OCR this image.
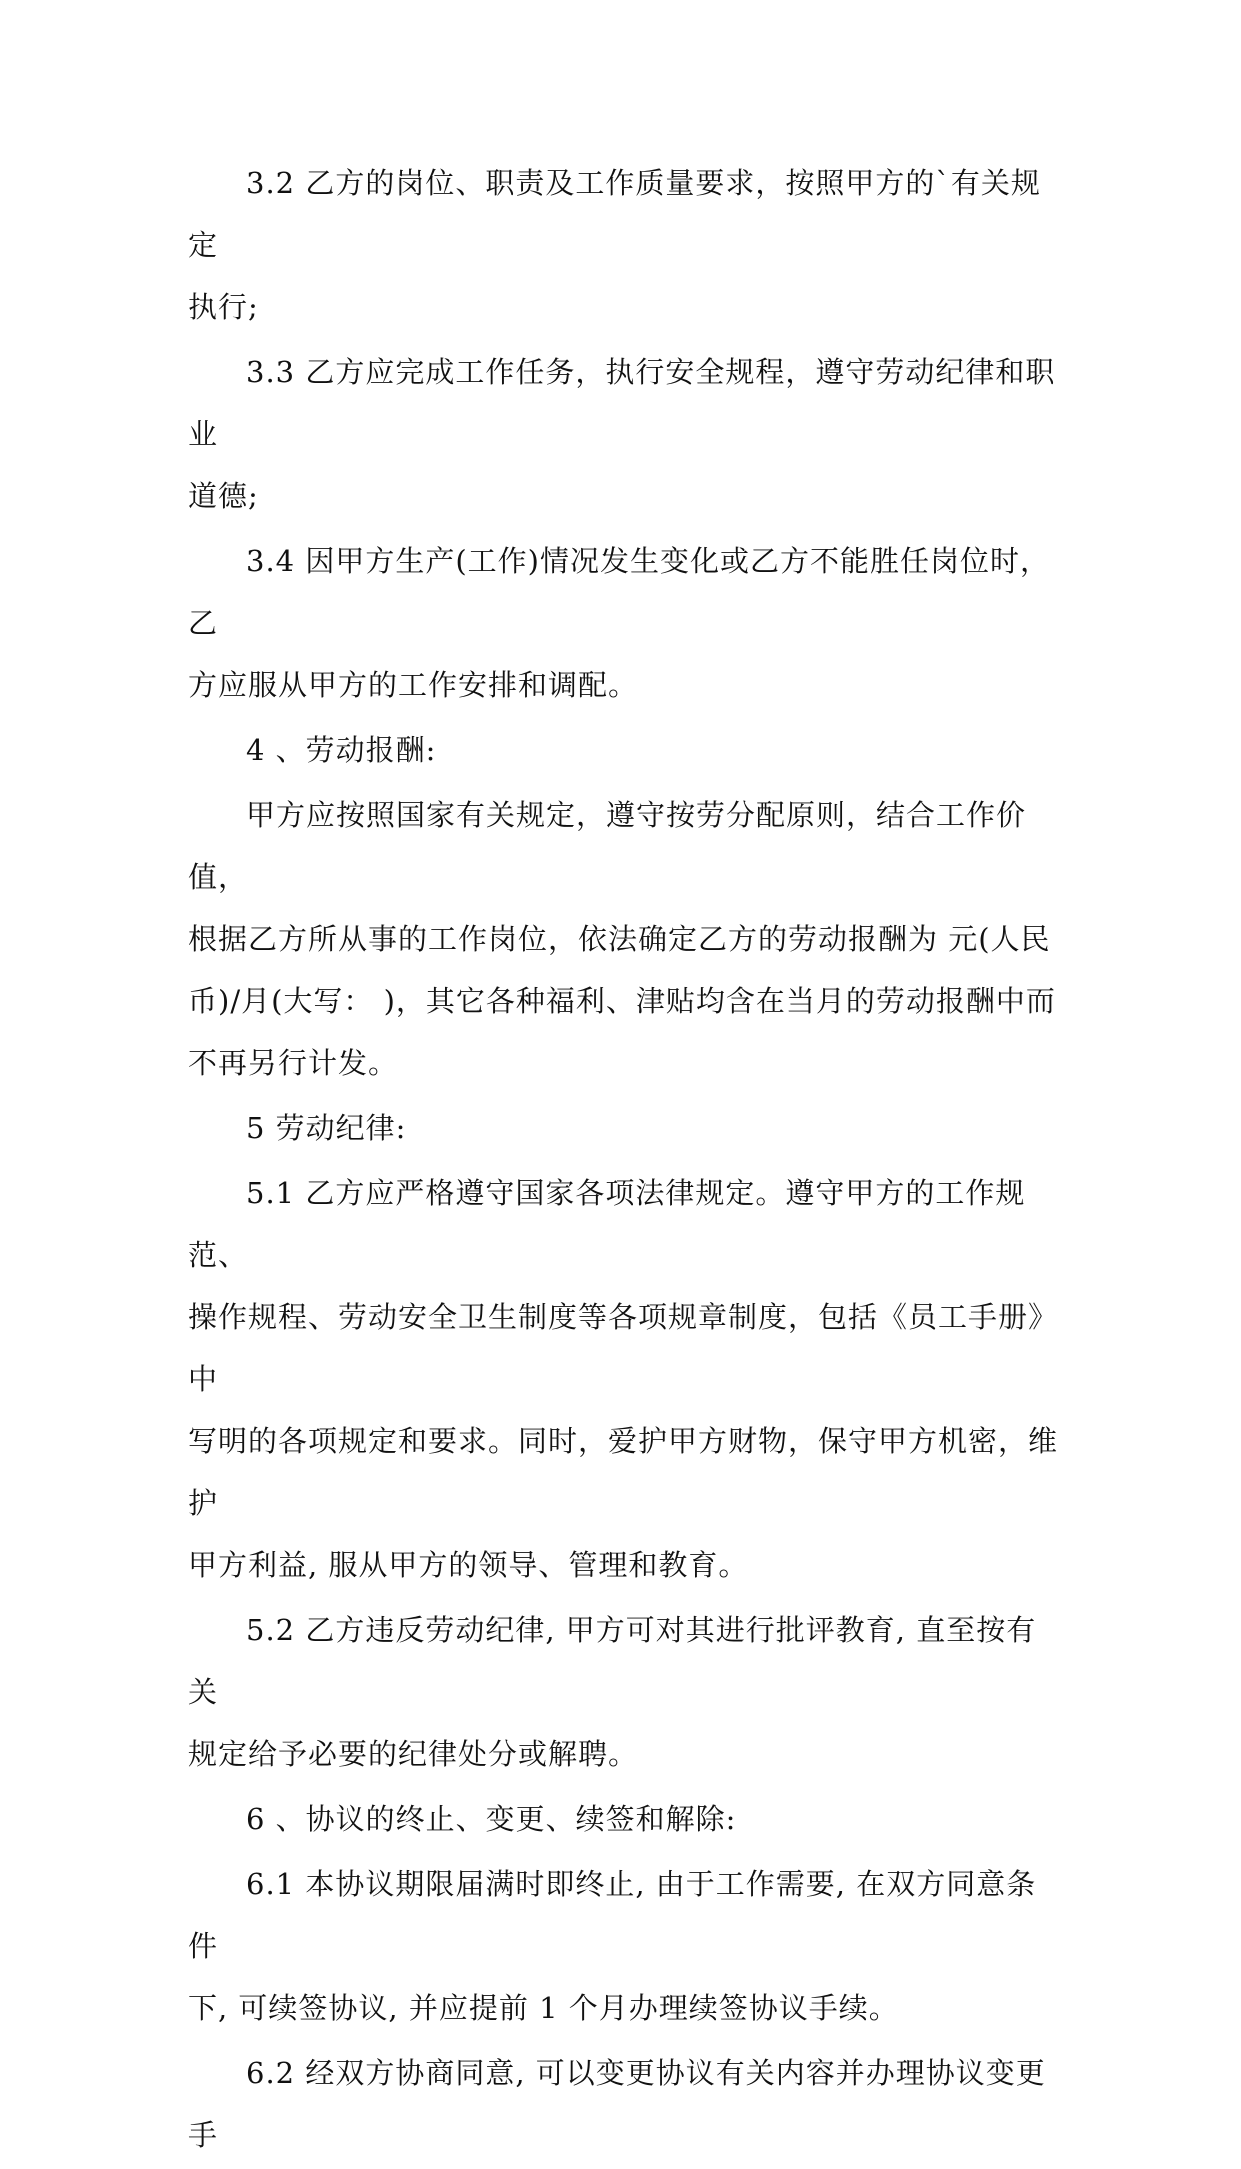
3.2 乙方的岗位、职责及工作质量要求，按照甲方的`有关规定
执行;

3.3 乙方应完成工作任务，执行安全规程，遵守劳动纪律和职业
道德;

3.4 因甲方生产(工作)情况发生变化或乙方不能胜任岗位时，乙
方应服从甲方的工作安排和调配。

4 、劳动报酬:

甲方应按照国家有关规定，遵守按劳分配原则，结合工作价值，
根据乙方所从事的工作岗位，依法确定乙方的劳动报酬为 元(人民
币)/月(大写： )，其它各种福利、津贴均含在当月的劳动报酬中而
不再另行计发。

5 劳动纪律:

5.1 乙方应严格遵守国家各项法律规定。遵守甲方的工作规范、
操作规程、劳动安全卫生制度等各项规章制度，包括《员工手册》中
写明的各项规定和要求。同时，爱护甲方财物，保守甲方机密，维护
甲方利益, 服从甲方的领导、管理和教育。

5.2 乙方违反劳动纪律, 甲方可对其进行批评教育, 直至按有关
规定给予必要的纪律处分或解聘。

6 、协议的终止、变更、续签和解除:

6.1 本协议期限届满时即终止, 由于工作需要, 在双方同意条件
下, 可续签协议, 并应提前 1 个月办理续签协议手续。

6.2 经双方协商同意, 可以变更协议有关内容并办理协议变更手
